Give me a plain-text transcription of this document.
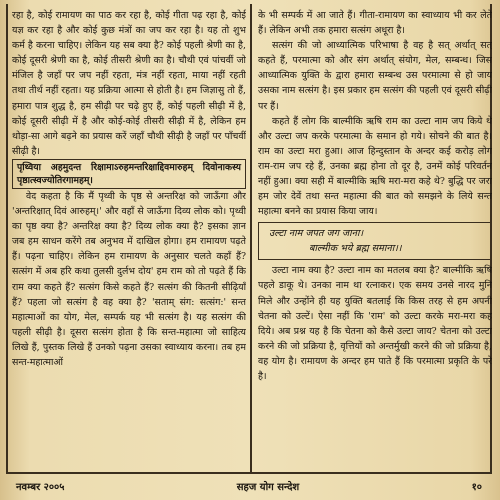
रहा है, कोई रामायण का पाठ कर रहा है, कोई गीता पढ़ रहा है, कोई यज्ञ कर रहा है और कोई कुछ मंत्रों का जप कर रहा है। यह तो शुभ कर्म है करना चाहिए। लेकिन यह सब क्या है? कोई पहली श्रेणी का है, कोई दूसरी श्रेणी का है, कोई तीसरी श्रेणी का है। चौथी एवं पांचवीं जो मंजिल है जहाँ पर जप नहीं रहता, मंत्र नहीं रहता, माया नहीं रहती तथा तीर्थ नहीं रहता। यह प्रक्रिया आत्मा से होती है। हम जिज्ञासु तो हैं, हमारा पात्र शुद्ध है, हम सीढ़ी पर चढ़े हुए हैं, कोई पहली सीढ़ी में है, कोई दूसरी सीढ़ी में है और कोई-कोई तीसरी सीढ़ी में है, लेकिन हम थोड़ा-सा आगे बढ़ने का प्रयास करें जहाँ चौथी सीढ़ी है जहाँ पर पाँचवीं सीढ़ी है।

पृथ्विया अहमुदन्त रिक्षामाऽरुहमन्तरिक्षाद्दिवमारुहम् दिवोनाकस्य पृष्ठात्स्वज्योतिरगामहम्।

वेद कहता है कि मैं पृथ्वी के पृष्ठ से अन्तरिक्ष को जाऊँगा और 'अन्तरिक्षात् दिवं आरुहम्।' और वहाँ से जाऊँगा दिव्य लोक को। पृथ्वी का पृष्ठ क्या है? अन्तरिक्ष क्या है? दिव्य लोक क्या है? इसका ज्ञान जब हम साधन करेंगे तब अनुभव में दाखिल होगा। हम रामायण पढ़ते हैं। पढ़ना चाहिए। लेकिन हम रामायण के अनुसार चलते कहाँ हैं? सत्संग में अब हरि कथा तुलसी दुर्लभ दोय' हम राम को तो पढ़ते हैं कि राम क्या कहते हैं? सत्संग किसे कहते हैं? सत्संग की कितनी सीढ़ियाँ हैं? पहला जो सत्संग है वह क्या है? 'सताम् संग: सत्संग:' सन्त महात्माओं का योग, मेल, सम्पर्क यह भी सत्संग है। यह सत्संग की पहली सीढ़ी है। दूसरा सत्संग होता है कि सन्त-महात्मा जो साहित्य लिखे हैं, पुस्तक लिखे हैं उनको पढ़ना उसका स्वाध्याय करना। तब हम सन्त-महात्माओं

के भी सम्पर्क में आ जाते हैं। गीता-रामायण का स्वाध्याय भी कर लेते हैं। लेकिन अभी तक हमारा सत्संग अधूरा है।

सत्संग की जो आध्यात्मिक परिभाषा है वह है सत् अर्थात् सत् कहते हैं, परमात्मा को और संग अर्थात् संयोग, मेल, सम्बन्ध। जिस आध्यात्मिक युक्ति के द्वारा हमारा सम्बन्ध उस परमात्मा से हो जाय उसका नाम सत्संग है। इस प्रकार हम सत्संग की पहली एवं दूसरी सीढ़ी पर हैं।

कहते हैं लोग कि बाल्मीकि ऋषि राम का उल्टा नाम जप किये थे और उल्टा जप करके परमात्मा के समान हो गये। सोचने की बात है। राम का उल्टा मरा हुआ। आज हिन्दुस्तान के अन्दर कई करोड़ लोग राम-राम जप रहे हैं, उनका ब्रह्म होना तो दूर है, उनमें कोई परिवर्तन नहीं हुआ। क्या सही में बाल्मीकि ऋषि मरा-मरा कहे थे? बुद्धि पर जरा हम जोर देवें तथा सन्त महात्मा की बात को समझने के लिये सन्त महात्मा बनने का प्रयास किया जाय।

उल्टा नाम जपत जग जाना।
बाल्मीक भये ब्रह्म समाना।।

उल्टा नाम क्या है? उल्टा नाम का मतलब क्या है? बाल्मीकि ऋषि पहले डाकू थे। उनका नाम था रत्नाकर। एक समय उनसे नारद मुनि मिले और उन्होंने ही यह युक्ति बतलाई कि किस तरह से हम अपनी चेतना को उल्टें। ऐसा नहीं कि 'राम' को उल्टा करके मरा-मरा कह दिये। अब प्रश्न यह है कि चेतना को कैसे उल्टा जाय? चेतना को उल्टा करने की जो प्रक्रिया है, वृत्तियों को अन्तर्मुखी करने की जो प्रक्रिया है, वह योग है। रामायण के अन्दर हम पाते हैं कि परमात्मा प्रकृति के परे है।

नवम्बर २००५	सहज योग सन्देश	१०
